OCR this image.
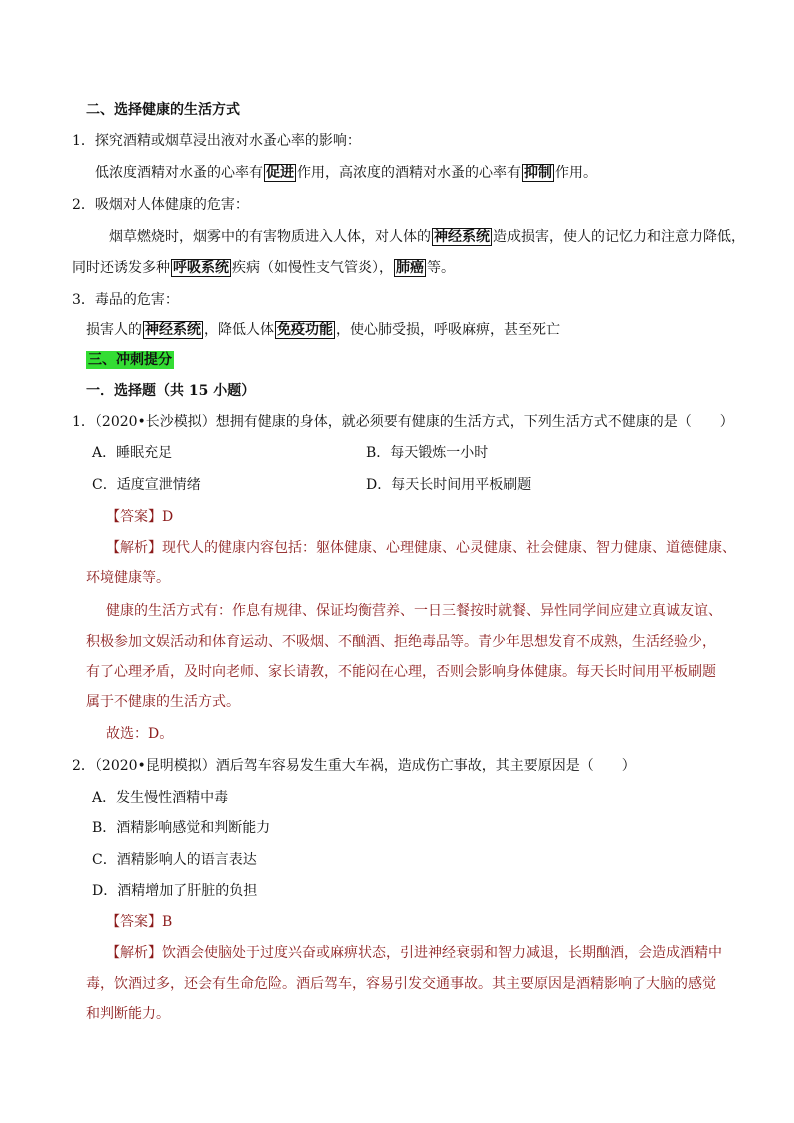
二、选择健康的生活方式
1．探究酒精或烟草浸出液对水蚤心率的影响：
低浓度酒精对水蚤的心率有 促进 作用，高浓度的酒精对水蚤的心率有 抑制 作用。
2．吸烟对人体健康的危害：
烟草燃烧时，烟雾中的有害物质进入人体，对人体的 神经系统 造成损害，使人的记忆力和注意力降低，
同时还诱发多种 呼吸系统 疾病（如慢性支气管炎）， 肺癌 等。
3．毒品的危害：
损害人的 神经系统 ，降低人体 免疫功能 ，使心肺受损，呼吸麻痹，甚至死亡
三、冲刺提分
一．选择题（共 15 小题）
1．（2020•长沙模拟）想拥有健康的身体，就必须要有健康的生活方式，下列生活方式不健康的是（　　）
A．睡眠充足	B．每天锻炼一小时
C．适度宣泄情绪	D．每天长时间用平板刷题
【答案】D
【解析】现代人的健康内容包括：躯体健康、心理健康、心灵健康、社会健康、智力健康、道德健康、
环境健康等。
健康的生活方式有：作息有规律、保证均衡营养、一日三餐按时就餐、异性同学间应建立真诚友谊、
积极参加文娱活动和体育运动、不吸烟、不酗酒、拒绝毒品等。青少年思想发育不成熟，生活经验少，
有了心理矛盾，及时向老师、家长请教，不能闷在心理，否则会影响身体健康。每天长时间用平板刷题
属于不健康的生活方式。
故选：D。
2．（2020•昆明模拟）酒后驾车容易发生重大车祸，造成伤亡事故，其主要原因是（　　）
A．发生慢性酒精中毒
B．酒精影响感觉和判断能力
C．酒精影响人的语言表达
D．酒精增加了肝脏的负担
【答案】B
【解析】饮酒会使脑处于过度兴奋或麻痹状态，引进神经衰弱和智力减退，长期酗酒，会造成酒精中
毒，饮酒过多，还会有生命危险。酒后驾车，容易引发交通事故。其主要原因是酒精影响了大脑的感觉
和判断能力。
